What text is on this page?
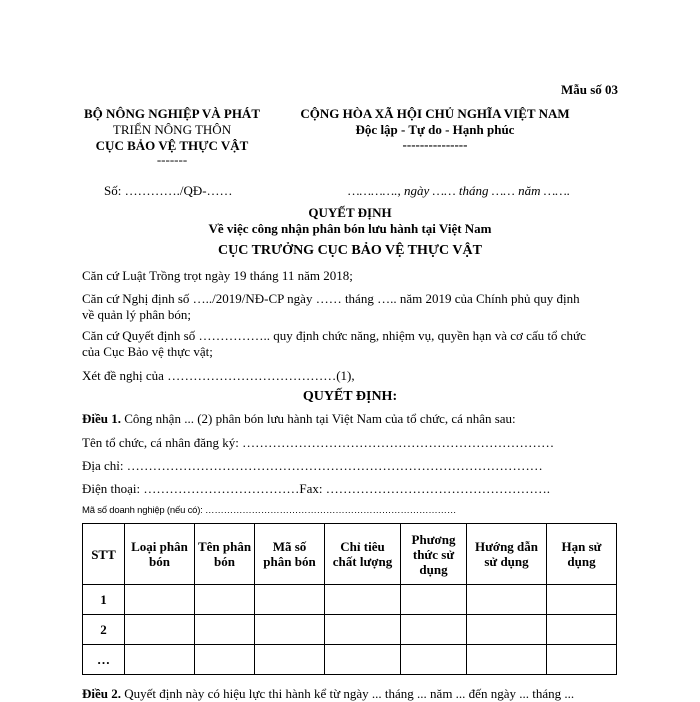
Mẫu số 03
BỘ NÔNG NGHIỆP VÀ PHÁT
TRIỂN NÔNG THÔN
CỤC BẢO VỆ THỰC VẬT
-------
CỘNG HÒA XÃ HỘI CHỦ NGHĨA VIỆT NAM
Độc lập - Tự do - Hạnh phúc
---------------
Số: …………./QĐ-……	…………., ngày …… tháng …… năm …….
QUYẾT ĐỊNH
Về việc công nhận phân bón lưu hành tại Việt Nam
CỤC TRƯỞNG CỤC BẢO VỆ THỰC VẬT
Căn cứ Luật Trồng trọt ngày 19 tháng 11 năm 2018;
Căn cứ Nghị định số …../2019/NĐ-CP ngày …… tháng ….. năm 2019 của Chính phủ quy định
về quản lý phân bón;
Căn cứ Quyết định số …………….. quy định chức năng, nhiệm vụ, quyền hạn và cơ cấu tổ chức
của Cục Bảo vệ thực vật;
Xét đề nghị của …………………………………(1),
QUYẾT ĐỊNH:
Điều 1. Công nhận ... (2) phân bón lưu hành tại Việt Nam của tổ chức, cá nhân sau:
Tên tổ chức, cá nhân đăng ký: ………………………………………………………………
Địa chỉ: ……………………………………………………………………………………
Điện thoại: ………………………………Fax: …………………………………………….
Mã số doanh nghiệp (nếu có): ………………………………………………………………………
STT	Loại phân bón	Tên phân bón	Mã số phân bón	Chỉ tiêu chất lượng	Phương thức sử dụng	Hướng dẫn sử dụng	Hạn sử dụng
1							
2							
…							
Điều 2. Quyết định này có hiệu lực thi hành kể từ ngày ... tháng ... năm ... đến ngày ... tháng ...
